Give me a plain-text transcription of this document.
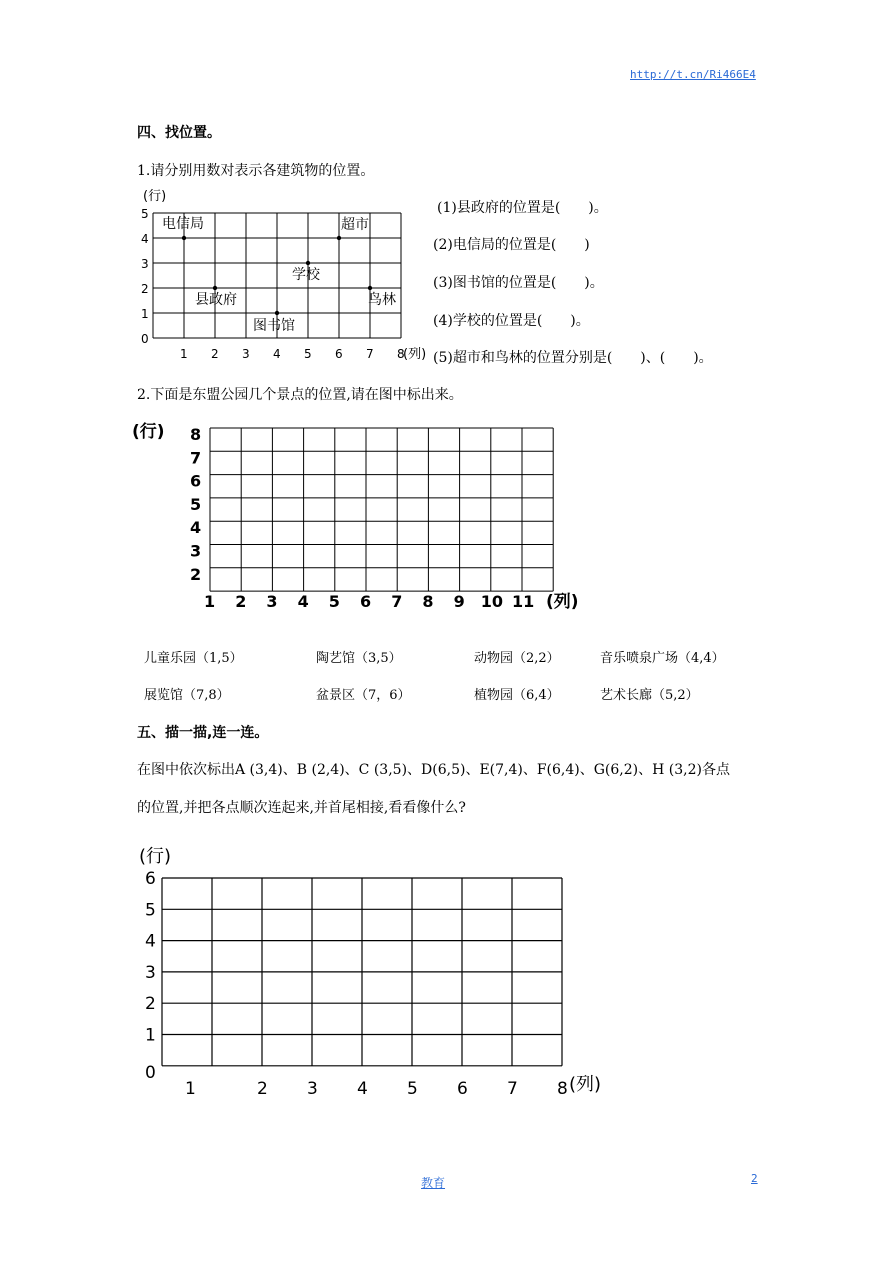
http://t.cn/Ri466E4
四、找位置。
1.请分别用数对表示各建筑物的位置。
(行)
0
1
2
3
4
5
1 2 3 4 5 6 7 8
电信局	超市
学校
县政府	鸟林
图书馆
(列)
(1)县政府的位置是(　　)。
(2)电信局的位置是(　　)
(3)图书馆的位置是(　　)。
(4)学校的位置是(　　)。
(5)超市和鸟林的位置分别是(　　)、(　　)。
2.下面是东盟公园几个景点的位置,请在图中标出来。
(行) 8
7
6
5
4
3
2
1 2 3 4 5 6 7 8 9 10 11 (列)
儿童乐园（1,5）	陶艺馆（3,5）	动物园（2,2）	音乐喷泉广场（4,4）
展览馆（7,8）	盆景区（7，6）	植物园（6,4）	艺术长廊（5,2）
五、描一描,连一连。
在图中依次标出A (3,4)、B (2,4)、C (3,5)、D(6,5)、E(7,4)、F(6,4)、G(6,2)、H (3,2)各点
的位置,并把各点顺次连起来,并首尾相接,看看像什么?
(行)
0
1
2
3
4
5
6
1	2 3 4 5 6 7 8 (列)
教育	2
